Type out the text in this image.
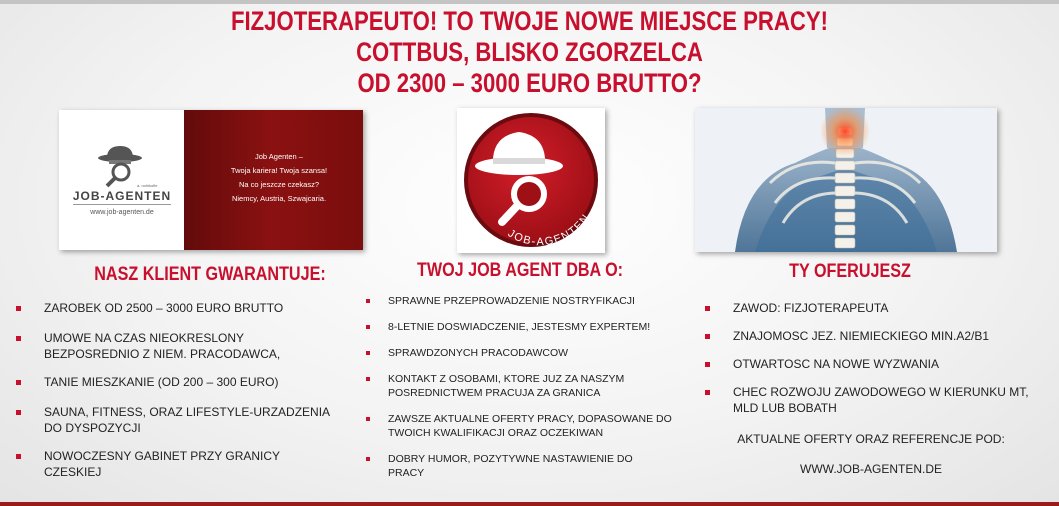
FIZJOTERAPEUTO! TO TWOJE NOWE MIEJSCE PRACY!
COTTBUS, BLISKO ZGORZELCA
OD 2300 – 3000 EURO BRUTTO?
a. nohikofle
JOB-AGENTEN
www.job-agenten.de
Job Agenten –
Twoja kariera! Twoja szansa!
Na co jeszcze czekasz?
Niemcy, Austria, Szwajcaria.
JOB-AGENTEN
NASZ KLIENT GWARANTUJE:	TWOJ JOB AGENT DBA O:	TY OFERUJESZ
ZAROBEK OD 2500 – 3000 EURO BRUTTO
UMOWE NA CZAS NIEOKRESLONY BEZPOSREDNIO Z NIEM. PRACODAWCA,
TANIE MIESZKANIE (OD 200 – 300 EURO)
SAUNA, FITNESS, ORAZ LIFESTYLE-URZADZENIA DO DYSPOZYCJI
NOWOCZESNY GABINET PRZY GRANICY CZESKIEJ
SPRAWNE PRZEPROWADZENIE NOSTRYFIKACJI
8-LETNIE DOSWIADCZENIE, JESTESMY EXPERTEM!
SPRAWDZONYCH PRACODAWCOW
KONTAKT Z OSOBAMI, KTORE JUZ ZA NASZYM POSREDNICTWEM PRACUJA ZA GRANICA
ZAWSZE AKTUALNE OFERTY PRACY, DOPASOWANE DO TWOICH KWALIFIKACJI ORAZ OCZEKIWAN
DOBRY HUMOR, POZYTYWNE NASTAWIENIE DO PRACY
ZAWOD: FIZJOTERAPEUTA
ZNAJOMOSC JEZ. NIEMIECKIEGO MIN.A2/B1
OTWARTOSC NA NOWE WYZWANIA
CHEC ROZWOJU ZAWODOWEGO W KIERUNKU MT, MLD LUB BOBATH
AKTUALNE OFERTY ORAZ REFERENCJE POD:
WWW.JOB-AGENTEN.DE
